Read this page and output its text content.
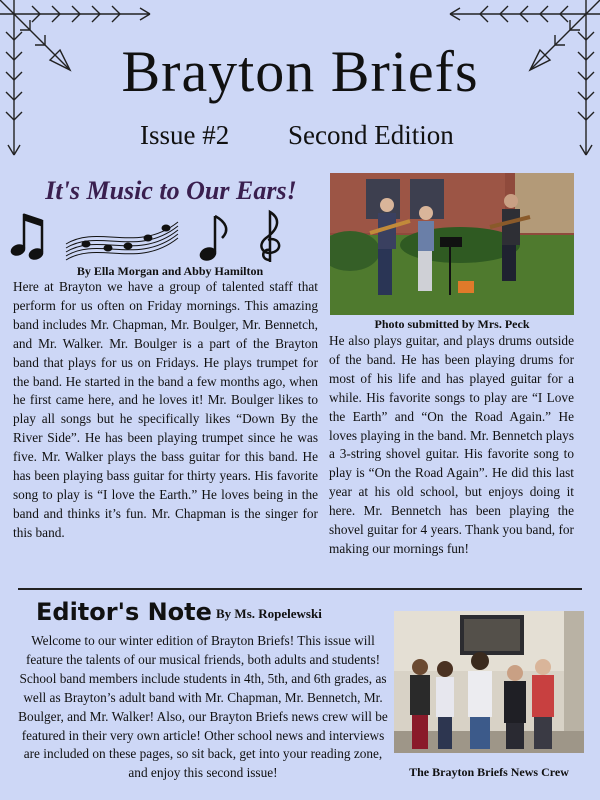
Brayton Briefs
Issue #2 Second Edition
It's Music to Our Ears!
By Ella Morgan and Abby Hamilton
Here at Brayton we have a group of talented staff that perform for us often on Friday mornings. This amazing band includes Mr. Chapman, Mr. Boulger, Mr. Bennetch, and Mr. Walker. Mr. Boulger is a part of the Brayton band that plays for us on Fridays. He plays trumpet for the band. He started in the band a few months ago, when he first came here, and he loves it! Mr. Boulger likes to play all songs but he specifically likes “Down By the River Side”. He has been playing trumpet since he was five. Mr. Walker plays the bass guitar for this band. He has been playing bass guitar for thirty years. His favorite song to play is “I love the Earth.” He loves being in the band and thinks it’s fun. Mr. Chapman is the singer for this band.
Photo submitted by Mrs. Peck
He also plays guitar, and plays drums outside of the band. He has been playing drums for most of his life and has played guitar for a while. His favorite songs to play are “I Love the Earth” and “On the Road Again.” He loves playing in the band. Mr. Bennetch plays a 3-string shovel guitar. His favorite song to play is “On the Road Again”. He did this last year at his old school, but enjoys doing it here. Mr. Bennetch has been playing the shovel guitar for 4 years. Thank you band, for making our mornings fun!
Editor's Note By Ms. Ropelewski
Welcome to our winter edition of Brayton Briefs! This issue will feature the talents of our musical friends, both adults and students! School band members include students in 4th, 5th, and 6th grades, as well as Brayton’s adult band with Mr. Chapman, Mr. Bennetch, Mr. Boulger, and Mr. Walker! Also, our Brayton Briefs news crew will be featured in their very own article! Other school news and interviews are included on these pages, so sit back, get into your reading zone, and enjoy this second issue!	The Brayton Briefs News Crew
